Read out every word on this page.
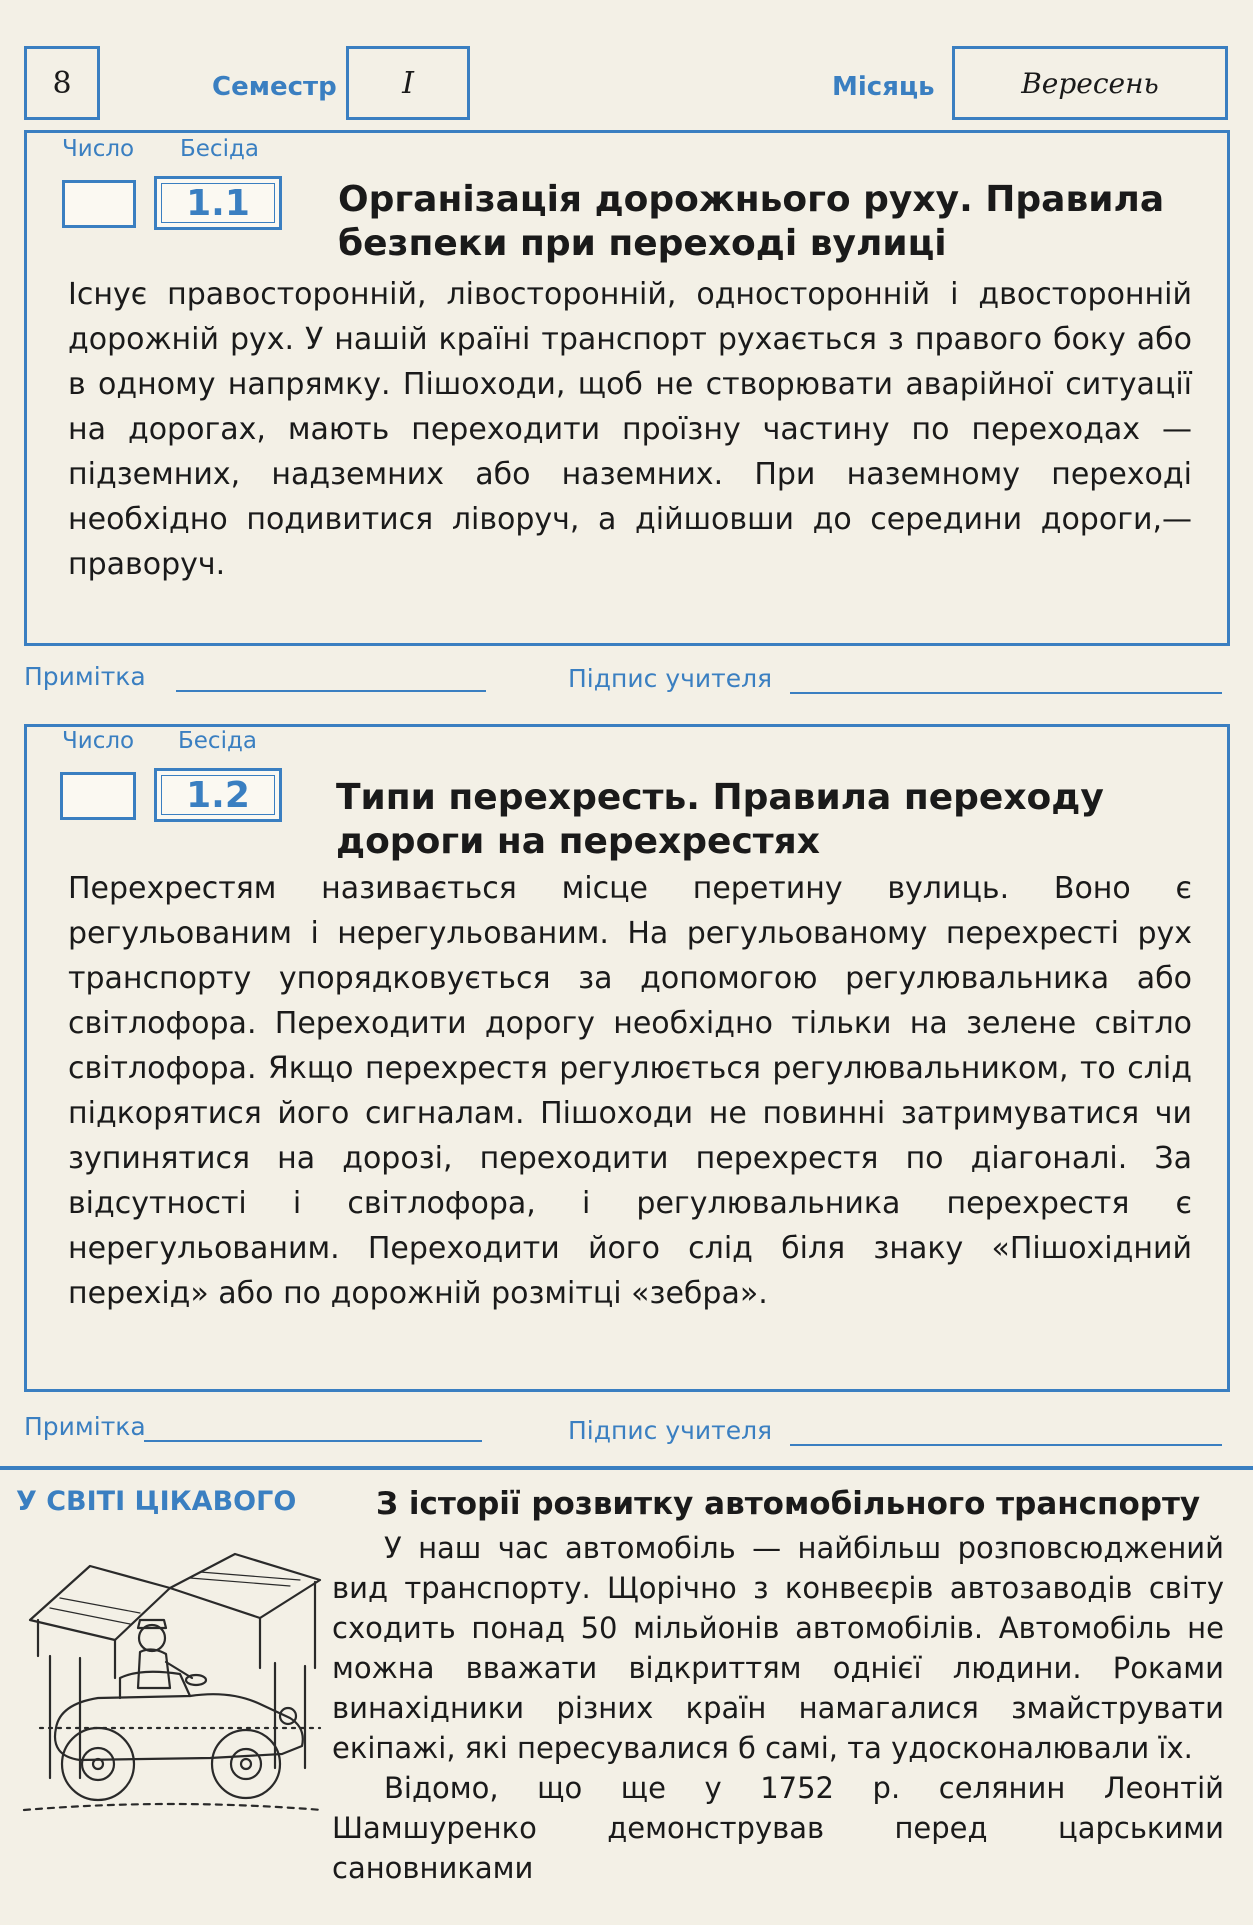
8	Семестр I	Місяць	Вересень
Число Бесіда
1.1 Організація дорожнього руху. Правила безпеки при переході вулиці
Існує правосторонній, лівосторонній, односторонній і двосторонній дорожній рух. У нашій країні транспорт рухається з правого боку або в одному напрямку. Пішоходи, щоб не створювати аварійної ситуації на дорогах, мають переходити проїзну частину по переходах — підземних, надземних або наземних. При наземному переході необхідно подивитися ліворуч, а дійшовши до середини дороги,— праворуч.
Примітка	Підпис учителя
Число Бесіда
1.2 Типи перехресть. Правила переходу дороги на перехрестях
Перехрестям називається місце перетину вулиць. Воно є регульованим і нерегульованим. На регульованому перехресті рух транспорту упорядковується за допомогою регулювальника або світлофора. Переходити дорогу необхідно тільки на зелене світло світлофора. Якщо перехрестя регулюється регулювальником, то слід підкорятися його сигналам. Пішоходи не повинні затримуватися чи зупинятися на дорозі, переходити перехрестя по діагоналі. За відсутності і світлофора, і регулювальника перехрестя є нерегульованим. Переходити його слід біля знаку «Пішохідний перехід» або по дорожній розмітці «зебра».
Примітка	Підпис учителя
У СВІТІ ЦІКАВОГО	З історії розвитку автомобільного транспорту
У наш час автомобіль — найбільш розповсюджений вид транспорту. Щорічно з конвеєрів автозаводів світу сходить понад 50 мільйонів автомобілів. Автомобіль не можна вважати відкриттям однієї людини. Роками винахідники різних країн намагалися змайструвати екіпажі, які пересувалися б самі, та удосконалювали їх.
Відомо, що ще у 1752 р. селянин Леонтій Шамшуренко демонстрував перед царськими сановниками
